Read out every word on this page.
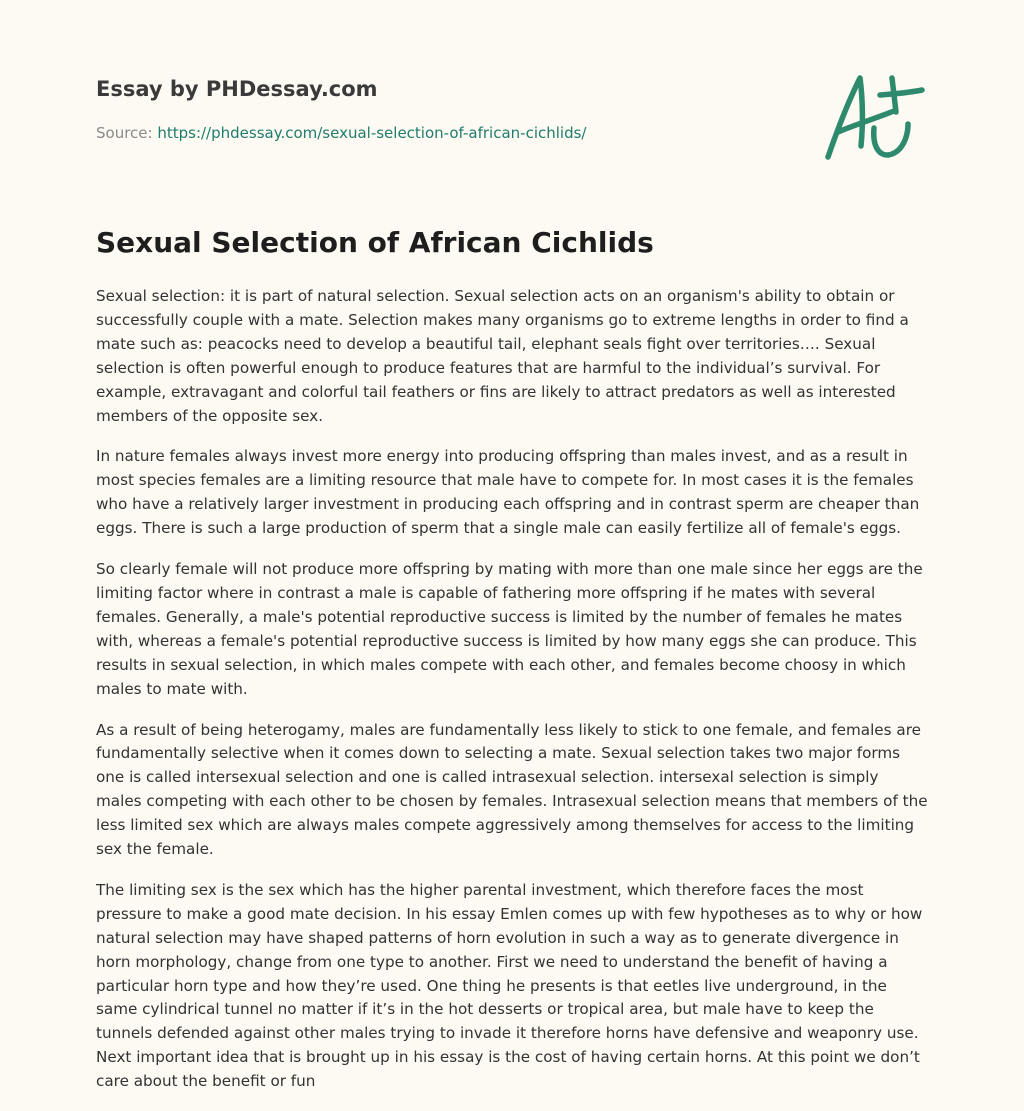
Essay by PHDessay.com
Source: https://phdessay.com/sexual-selection-of-african-cichlids/
Sexual Selection of African Cichlids

Sexual selection: it is part of natural selection. Sexual selection acts on an organism's ability to obtain or successfully couple with a mate. Selection makes many organisms go to extreme lengths in order to find a mate such as: peacocks need to develop a beautiful tail, elephant seals fight over territories…. Sexual selection is often powerful enough to produce features that are harmful to the individual’s survival. For example, extravagant and colorful tail feathers or fins are likely to attract predators as well as interested members of the opposite sex.

In nature females always invest more energy into producing offspring than males invest, and as a result in most species females are a limiting resource that male have to compete for. In most cases it is the females who have a relatively larger investment in producing each offspring and in contrast sperm are cheaper than eggs. There is such a large production of sperm that a single male can easily fertilize all of female's eggs.

So clearly female will not produce more offspring by mating with more than one male since her eggs are the limiting factor where in contrast a male is capable of fathering more offspring if he mates with several females. Generally, a male's potential reproductive success is limited by the number of females he mates with, whereas a female's potential reproductive success is limited by how many eggs she can produce. This results in sexual selection, in which males compete with each other, and females become choosy in which males to mate with.

As a result of being heterogamy, males are fundamentally less likely to stick to one female, and females are fundamentally selective when it comes down to selecting a mate. Sexual selection takes two major forms one is called intersexual selection and one is called intrasexual selection. intersexal selection is simply males competing with each other to be chosen by females. Intrasexual selection means that members of the less limited sex which are always males compete aggressively among themselves for access to the limiting sex the female.

The limiting sex is the sex which has the higher parental investment, which therefore faces the most pressure to make a good mate decision. In his essay Emlen comes up with few hypotheses as to why or how natural selection may have shaped patterns of horn evolution in such a way as to generate divergence in horn morphology, change from one type to another. First we need to understand the benefit of having a particular horn type and how they’re used. One thing he presents is that eetles live underground, in the same cylindrical tunnel no matter if it’s in the hot desserts or tropical area, but male have to keep the tunnels defended against other males trying to invade it therefore horns have defensive and weaponry use. Next important idea that is brought up in his essay is the cost of having certain horns. At this point we don’t care about the benefit or fun
